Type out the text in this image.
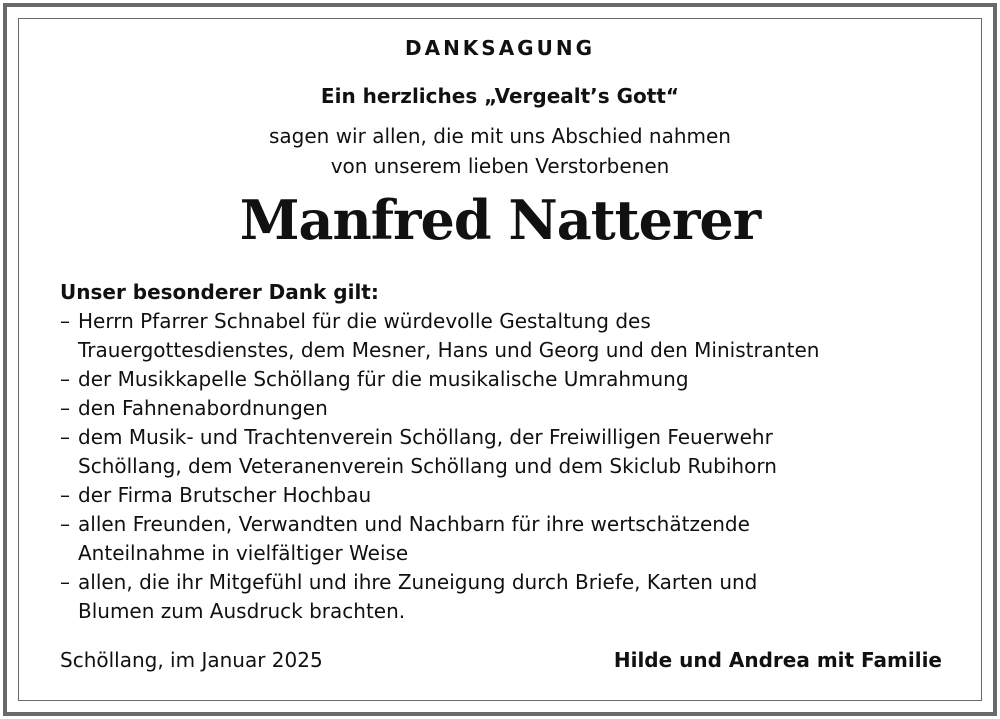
DANKSAGUNG
Ein herzliches „Vergealt’s Gott“
sagen wir allen, die mit uns Abschied nahmen
von unserem lieben Verstorbenen
Manfred Natterer
Unser besonderer Dank gilt:
– Herrn Pfarrer Schnabel für die würdevolle Gestaltung des
Trauergottesdienstes, dem Mesner, Hans und Georg und den Ministranten
– der Musikkapelle Schöllang für die musikalische Umrahmung
– den Fahnenabordnungen
– dem Musik- und Trachtenverein Schöllang, der Freiwilligen Feuerwehr
Schöllang, dem Veteranenverein Schöllang und dem Skiclub Rubihorn
– der Firma Brutscher Hochbau
– allen Freunden, Verwandten und Nachbarn für ihre wertschätzende
Anteilnahme in vielfältiger Weise
– allen, die ihr Mitgefühl und ihre Zuneigung durch Briefe, Karten und
Blumen zum Ausdruck brachten.
Schöllang, im Januar 2025	Hilde und Andrea mit Familie
